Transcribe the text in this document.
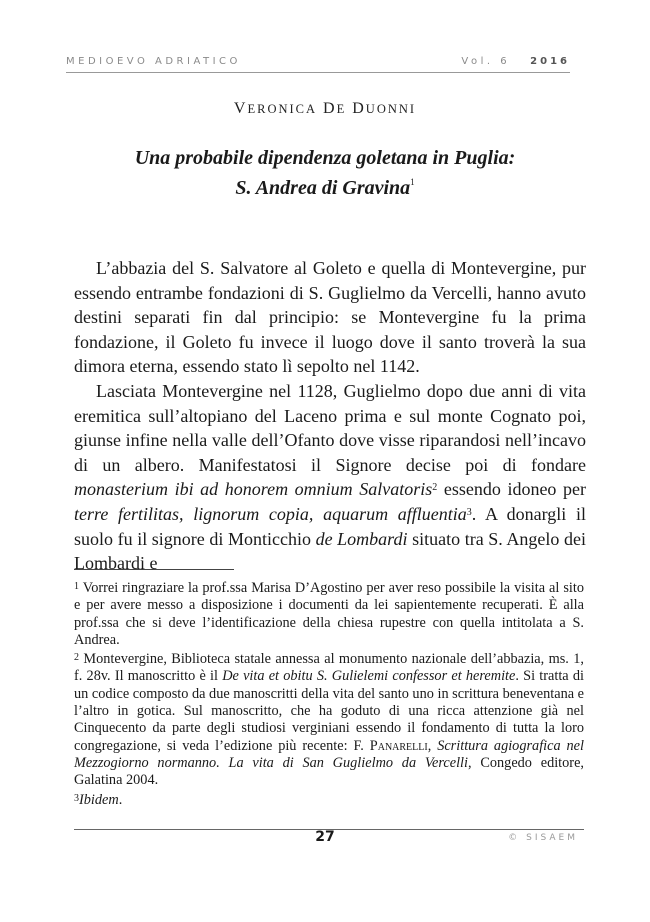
MEDIOEVO ADRIATICO	Vol. 6 2016
VERONICA DE DUONNI
Una probabile dipendenza goletana in Puglia:
S. Andrea di Gravina$^1$

L’abbazia del S. Salvatore al Goleto e quella di Montevergine, pur essendo entrambe fondazioni di S. Guglielmo da Vercelli, hanno avuto destini separati fin dal principio: se Montevergine fu la prima fondazione, il Goleto fu invece il luogo dove il santo troverà la sua dimora eterna, essendo stato lì sepolto nel 1142.

Lasciata Montevergine nel 1128, Guglielmo dopo due anni di vita eremitica sull’altopiano del Laceno prima e sul monte Cognato poi, giunse infine nella valle dell’Ofanto dove visse riparandosi nell’incavo di un albero. Manifestatosi il Signore decise poi di fondare monasterium ibi ad honorem omnium Salvatoris$^2$ essendo idoneo per terre fertilitas, lignorum copia, aquarum affluentia$^3$. A donargli il suolo fu il signore di Monticchio de Lombardi situato tra S. Angelo dei Lombardi e

$^1$ Vorrei ringraziare la prof.ssa Marisa D’Agostino per aver reso possibile la visita al sito e per avere messo a disposizione i documenti da lei sapientemente recuperati. È alla prof.ssa che si deve l’identificazione della chiesa rupestre con quella intitolata a S. Andrea.

$^2$ Montevergine, Biblioteca statale annessa al monumento nazionale dell’abbazia, ms. 1, f. 28v. Il manoscritto è il De vita et obitu S. Gulielemi confessor et heremite. Si tratta di un codice composto da due manoscritti della vita del santo uno in scrittura beneventana e l’altro in gotica. Sul manoscritto, che ha goduto di una ricca attenzione già nel Cinquecento da parte degli studiosi verginiani essendo il fondamento di tutta la loro congregazione, si veda l’edizione più recente: F. Panarelli, Scrittura agiografica nel Mezzogiorno normanno. La vita di San Guglielmo da Vercelli, Congedo editore, Galatina 2004.

$^3$Ibidem.

27	© SISAEM
